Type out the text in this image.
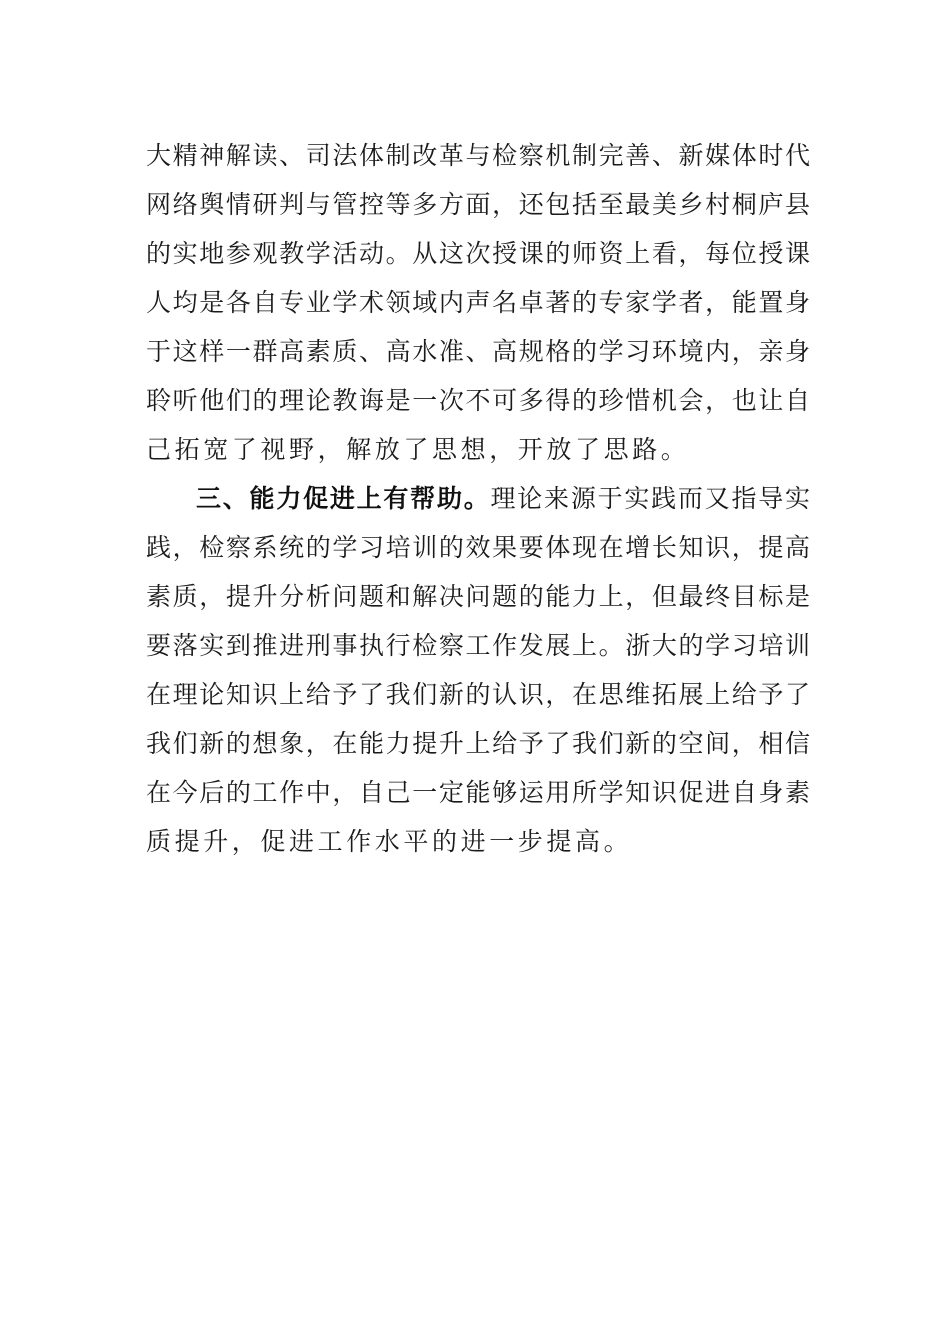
大精神解读、司法体制改革与检察机制完善、新媒体时代
网络舆情研判与管控等多方面，还包括至最美乡村桐庐县
的实地参观教学活动。从这次授课的师资上看，每位授课
人均是各自专业学术领域内声名卓著的专家学者，能置身
于这样一群高素质、高水准、高规格的学习环境内，亲身
聆听他们的理论教诲是一次不可多得的珍惜机会，也让自
己拓宽了视野，解放了思想，开放了思路。
三、能力促进上有帮助。理论来源于实践而又指导实
践，检察系统的学习培训的效果要体现在增长知识，提高
素质，提升分析问题和解决问题的能力上，但最终目标是
要落实到推进刑事执行检察工作发展上。浙大的学习培训
在理论知识上给予了我们新的认识，在思维拓展上给予了
我们新的想象，在能力提升上给予了我们新的空间，相信
在今后的工作中，自己一定能够运用所学知识促进自身素
质提升，促进工作水平的进一步提高。
